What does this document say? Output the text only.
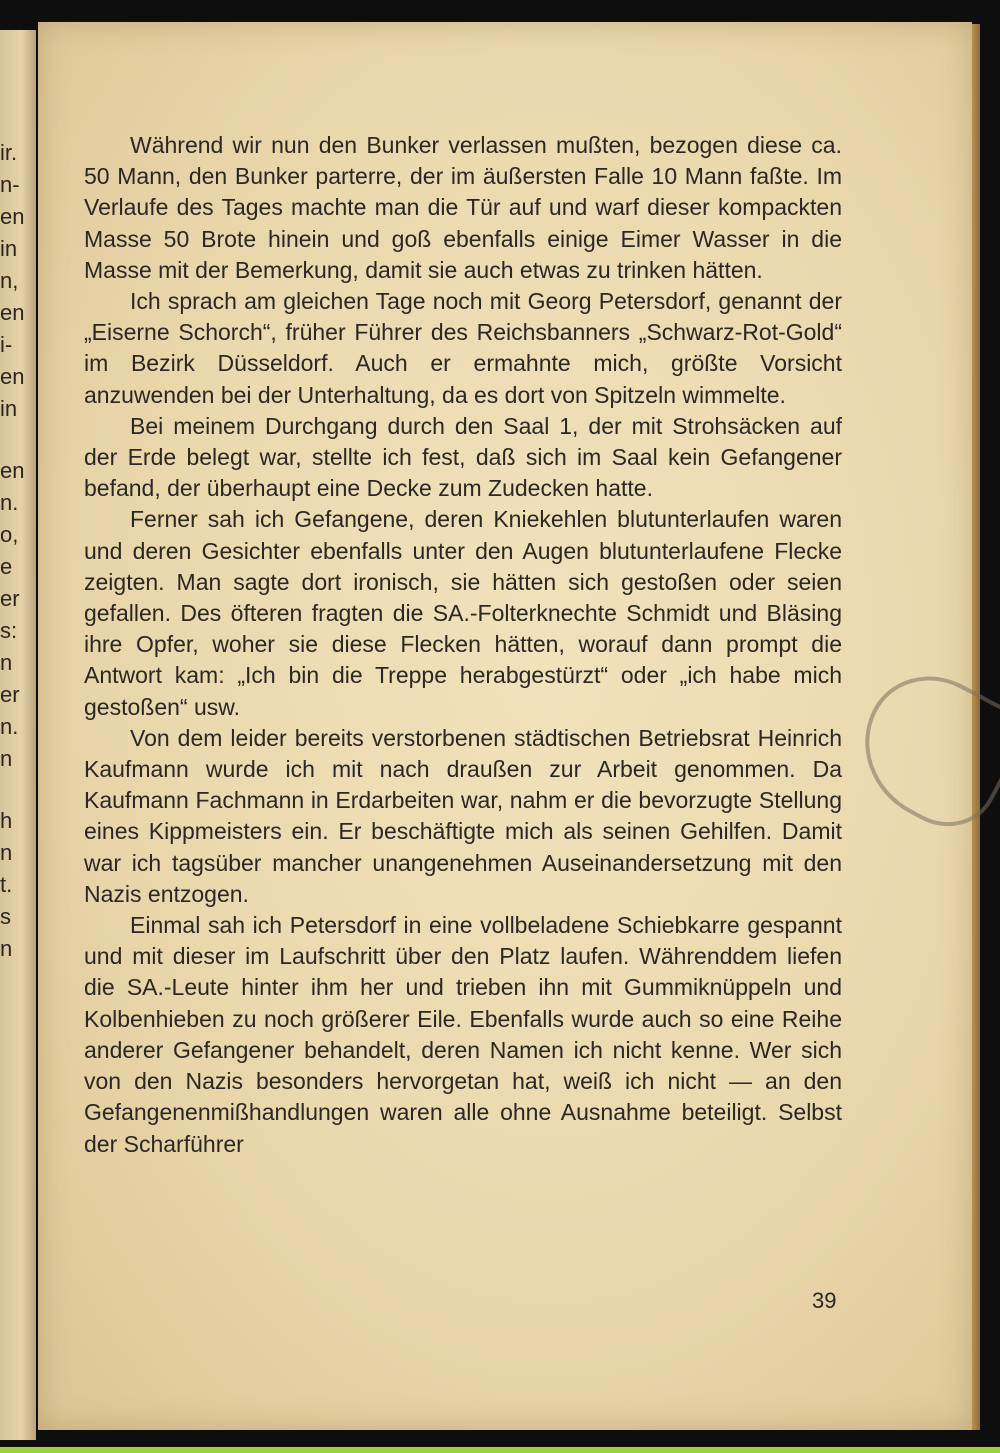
ir.
n-
en
in
n,
en
i-
en
in
en
n.
o,
e
er
s:
n
er
n.
n
h
n
t.
s
n

Während wir nun den Bunker verlassen mußten, bezogen diese ca. 50 Mann, den Bunker parterre, der im äußersten Falle 10 Mann faßte. Im Verlaufe des Tages machte man die Tür auf und warf dieser kompackten Masse 50 Brote hinein und goß ebenfalls einige Eimer Wasser in die Masse mit der Bemerkung, damit sie auch etwas zu trinken hätten.

Ich sprach am gleichen Tage noch mit Georg Petersdorf, genannt der „Eiserne Schorch“, früher Führer des Reichsbanners „Schwarz-Rot-Gold“ im Bezirk Düsseldorf. Auch er ermahnte mich, größte Vorsicht anzuwenden bei der Unterhaltung, da es dort von Spitzeln wimmelte.

Bei meinem Durchgang durch den Saal 1, der mit Strohsäcken auf der Erde belegt war, stellte ich fest, daß sich im Saal kein Gefangener befand, der überhaupt eine Decke zum Zudecken hatte.

Ferner sah ich Gefangene, deren Kniekehlen blutunterlaufen waren und deren Gesichter ebenfalls unter den Augen blutunterlaufene Flecke zeigten. Man sagte dort ironisch, sie hätten sich gestoßen oder seien gefallen. Des öfteren fragten die SA.-Folterknechte Schmidt und Bläsing ihre Opfer, woher sie diese Flecken hätten, worauf dann prompt die Antwort kam: „Ich bin die Treppe herabgestürzt“ oder „ich habe mich gestoßen“ usw.

Von dem leider bereits verstorbenen städtischen Betriebsrat Heinrich Kaufmann wurde ich mit nach draußen zur Arbeit genommen. Da Kaufmann Fachmann in Erdarbeiten war, nahm er die bevorzugte Stellung eines Kippmeisters ein. Er beschäftigte mich als seinen Gehilfen. Damit war ich tagsüber mancher unangenehmen Auseinandersetzung mit den Nazis entzogen.

Einmal sah ich Petersdorf in eine vollbeladene Schiebkarre gespannt und mit dieser im Laufschritt über den Platz laufen. Währenddem liefen die SA.-Leute hinter ihm her und trieben ihn mit Gummiknüppeln und Kolbenhieben zu noch größerer Eile. Ebenfalls wurde auch so eine Reihe anderer Gefangener behandelt, deren Namen ich nicht kenne. Wer sich von den Nazis besonders hervorgetan hat, weiß ich nicht — an den Gefangenenmißhandlungen waren alle ohne Ausnahme beteiligt. Selbst der Scharführer

39
